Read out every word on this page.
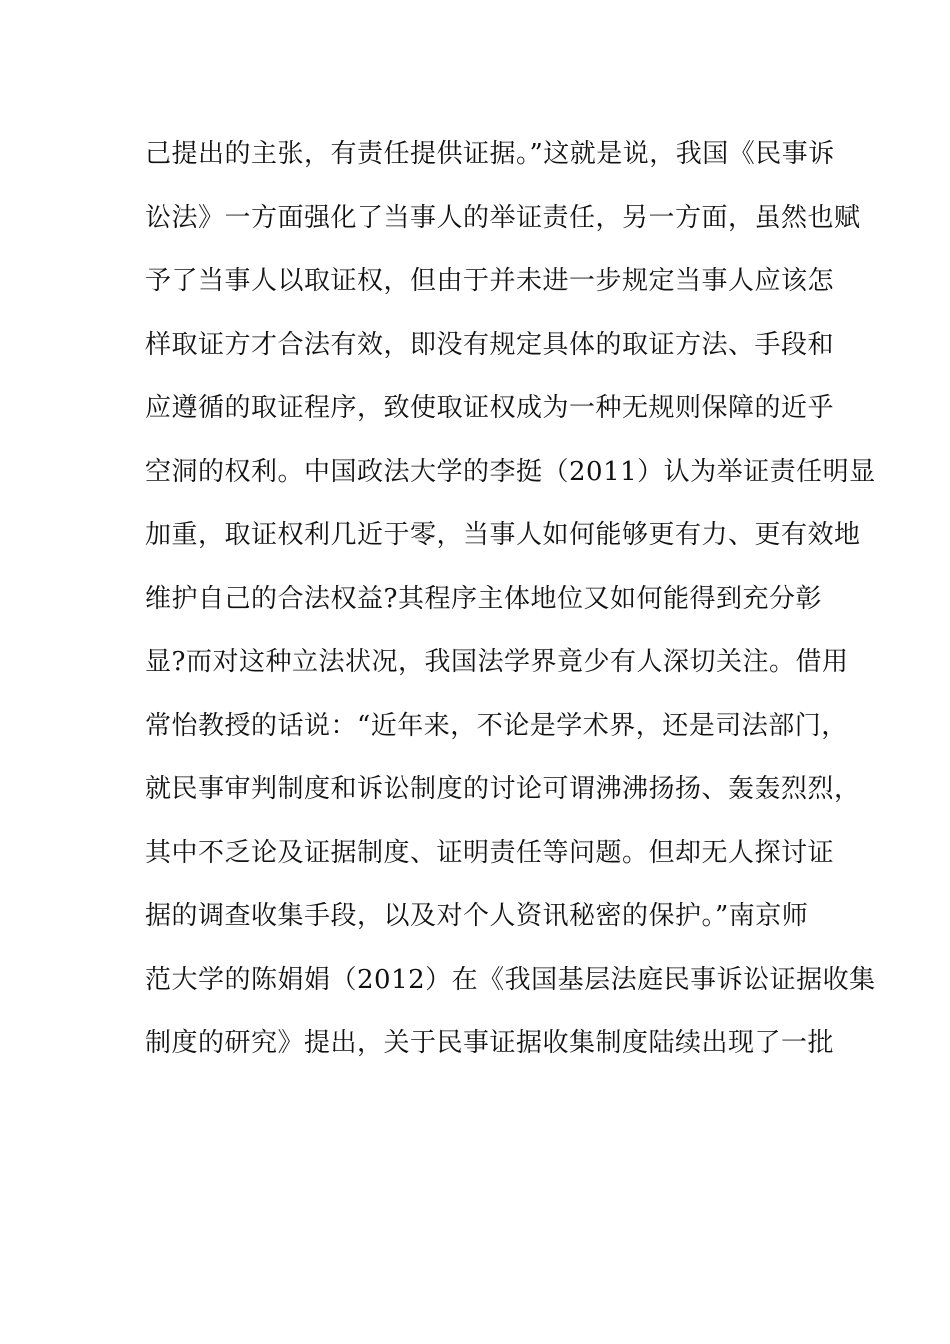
己提出的主张，有责任提供证据。”这就是说，我国《民事诉
讼法》一方面强化了当事人的举证责任，另一方面，虽然也赋
予了当事人以取证权，但由于并未进一步规定当事人应该怎
样取证方才合法有效，即没有规定具体的取证方法、手段和
应遵循的取证程序，致使取证权成为一种无规则保障的近乎
空洞的权利。中国政法大学的李挺（2011）认为举证责任明显
加重，取证权利几近于零，当事人如何能够更有力、更有效地
维护自己的合法权益?其程序主体地位又如何能得到充分彰
显?而对这种立法状况，我国法学界竟少有人深切关注。借用
常怡教授的话说：“近年来，不论是学术界，还是司法部门，
就民事审判制度和诉讼制度的讨论可谓沸沸扬扬、轰轰烈烈，
其中不乏论及证据制度、证明责任等问题。但却无人探讨证
据的调查收集手段，以及对个人资讯秘密的保护。”南京师
范大学的陈娟娟（2012）在《我国基层法庭民事诉讼证据收集
制度的研究》提出，关于民事证据收集制度陆续出现了一批
